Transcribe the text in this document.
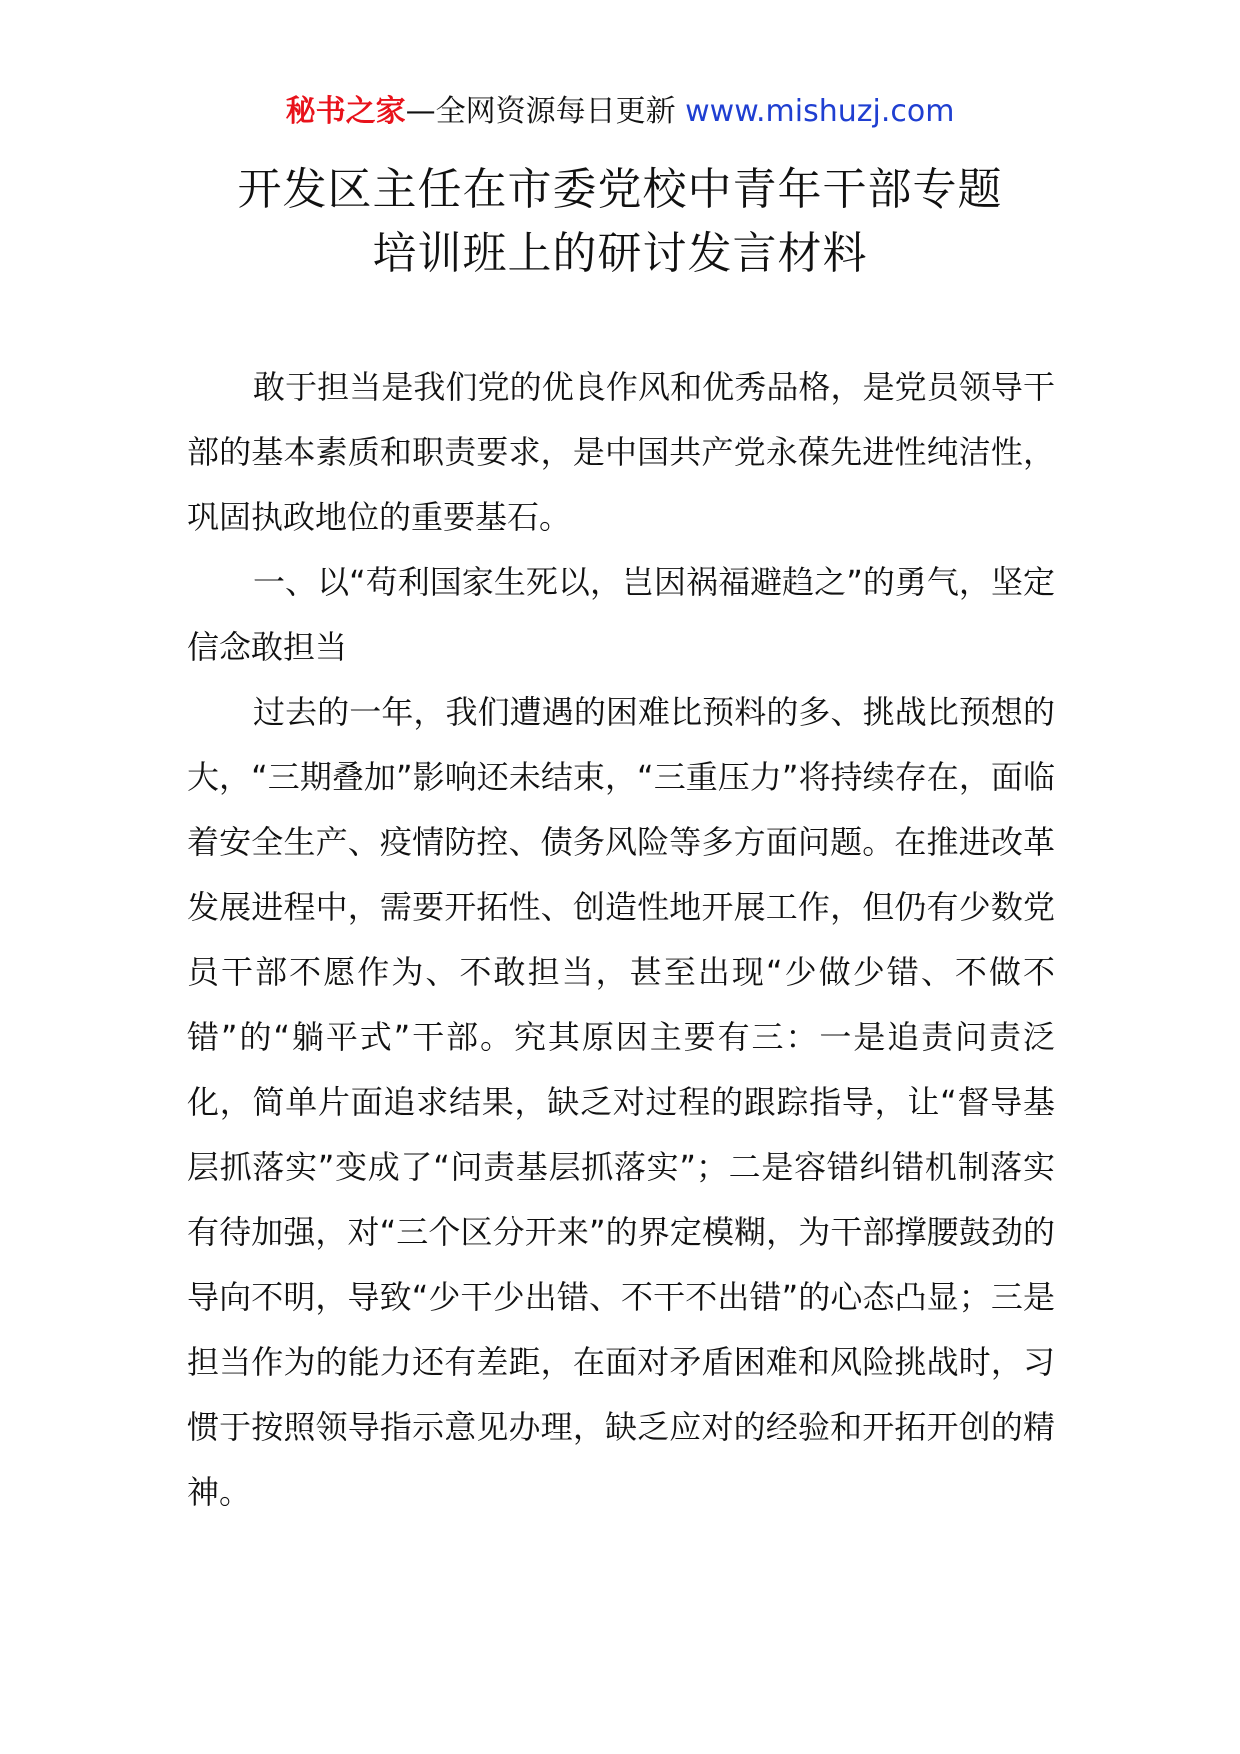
秘书之家—全网资源每日更新 www.mishuzj.com
开发区主任在市委党校中青年干部专题
培训班上的研讨发言材料

敢于担当是我们党的优良作风和优秀品格，是党员领导干部的基本素质和职责要求，是中国共产党永葆先进性纯洁性，巩固执政地位的重要基石。

一、以“苟利国家生死以，岂因祸福避趋之”的勇气，坚定信念敢担当

过去的一年，我们遭遇的困难比预料的多、挑战比预想的大，“三期叠加”影响还未结束，“三重压力”将持续存在，面临着安全生产、疫情防控、债务风险等多方面问题。在推进改革发展进程中，需要开拓性、创造性地开展工作，但仍有少数党员干部不愿作为、不敢担当，甚至出现“少做少错、不做不错”的“躺平式”干部。究其原因主要有三：一是追责问责泛化，简单片面追求结果，缺乏对过程的跟踪指导，让“督导基层抓落实”变成了“问责基层抓落实”；二是容错纠错机制落实有待加强，对“三个区分开来”的界定模糊，为干部撑腰鼓劲的导向不明，导致“少干少出错、不干不出错”的心态凸显；三是担当作为的能力还有差距，在面对矛盾困难和风险挑战时，习惯于按照领导指示意见办理，缺乏应对的经验和开拓开创的精神。
